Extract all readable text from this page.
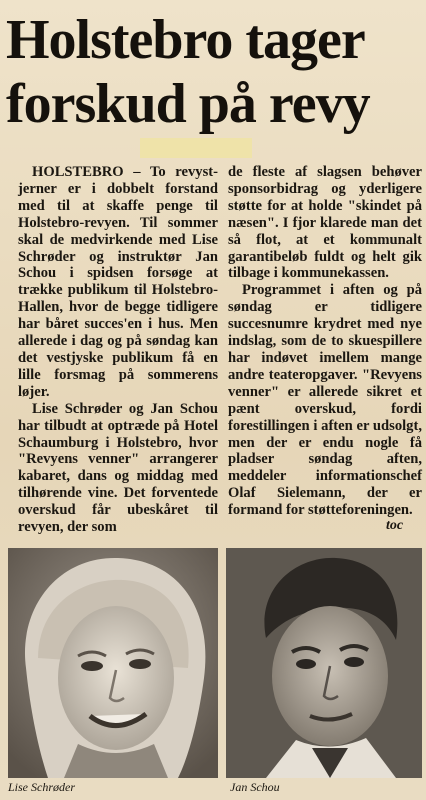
Holstebro tager
forskud på revy

HOLSTEBRO – To revystjerner er i dobbelt forstand med til at skaffe penge til Holstebro-revyen. Til sommer skal de medvirkende med Lise Schrøder og instruktør Jan Schou i spidsen forsøge at trække publikum til Holstebro-Hallen, hvor de begge tidligere har båret succes'en i hus. Men allerede i dag og på søndag kan det vestjyske publikum få en lille forsmag på sommerens løjer.

Lise Schrøder og Jan Schou har tilbudt at optræde på Hotel Schaumburg i Holstebro, hvor "Revyens venner" arrangerer kabaret, dans og middag med tilhørende vine. Det forventede overskud får ubeskåret til revyen, der som

de fleste af slagsen behøver sponsorbidrag og yderligere støtte for at holde "skindet på næsen". I fjor klarede man det så flot, at et kommunalt garantibeløb fuldt og helt gik tilbage i kommunekassen.

Programmet i aften og på søndag er tidligere succesnumre krydret med nye indslag, som de to skuespillere har indøvet imellem mange andre teateropgaver. "Revyens venner" er allerede sikret et pænt overskud, fordi forestillingen i aften er udsolgt, men der er endu nogle få pladser søndag aften, meddeler informationschef Olaf Sielemann, der er formand for støtteforeningen.

toc
Lise Schrøder	Jan Schou
